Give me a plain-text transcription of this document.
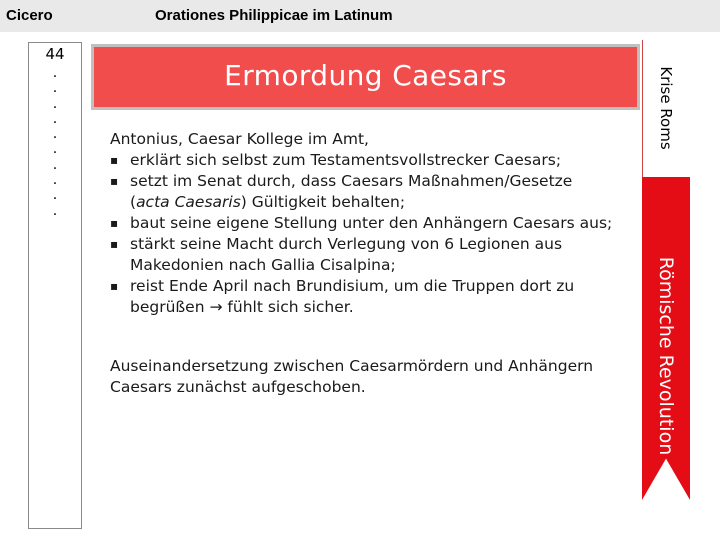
Cicero	Orationes Philippicae im Latinum
44
.
.
.
.
.
.
.
.
.
.
Ermordung Caesars	Krise Roms
Römische Revolution

Antonius, Caesar Kollege im Amt,

▪ erklärt sich selbst zum Testamentsvollstrecker Caesars;
▪ setzt im Senat durch, dass Caesars Maßnahmen/Gesetze
(acta Caesaris) Gültigkeit behalten;
▪ baut seine eigene Stellung unter den Anhängern Caesars aus;
▪ stärkt seine Macht durch Verlegung von 6 Legionen aus Makedonien nach Gallia Cisalpina;
▪ reist Ende April nach Brundisium, um die Truppen dort zu begrüßen → fühlt sich sicher.

Auseinandersetzung zwischen Caesarmördern und Anhängern Caesars zunächst aufgeschoben.
